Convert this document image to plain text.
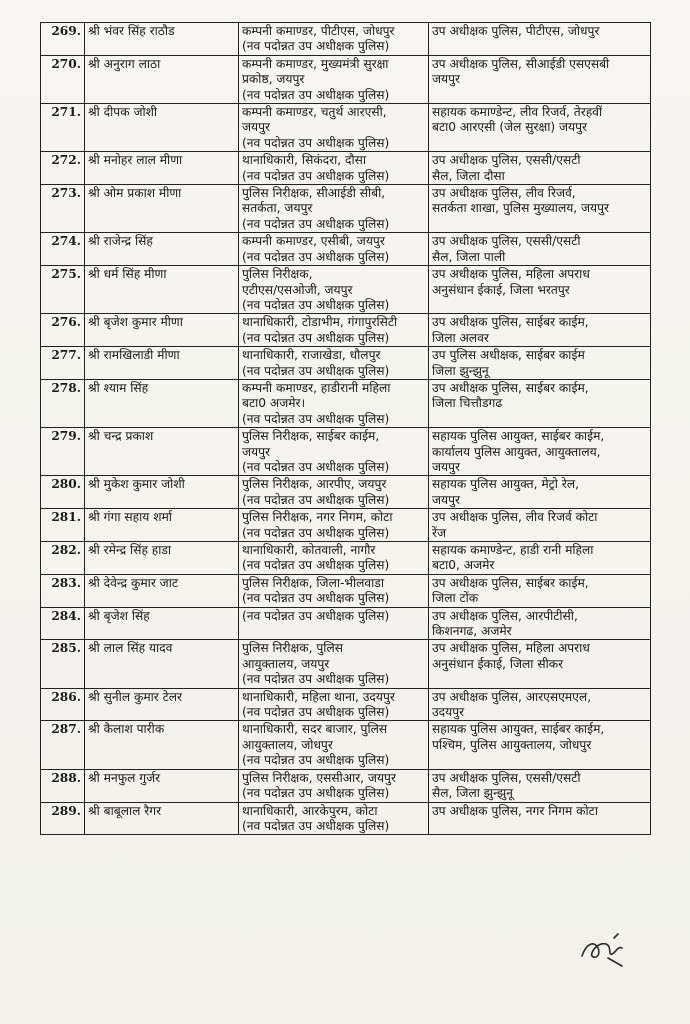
269.	श्री भंवर सिंह राठौड	कम्पनी कमाण्डर, पीटीएस, जोधपुर
(नव पदोन्नत उप अधीक्षक पुलिस)	उप अधीक्षक पुलिस, पीटीएस, जोधपुर

270.	श्री अनुराग लाठा	कम्पनी कमाण्डर, मुख्यमंत्री सुरक्षा
प्रकोष्ठ, जयपुर
(नव पदोन्नत उप अधीक्षक पुलिस)	उप अधीक्षक पुलिस, सीआईडी एसएसबी
जयपुर

271.	श्री दीपक जोशी	कम्पनी कमाण्डर, चतुर्थ आरएसी,
जयपुर
(नव पदोन्नत उप अधीक्षक पुलिस)	सहायक कमाण्डेन्ट, लीव रिजर्व, तेरहवीं
बटा0 आरएसी (जेल सुरक्षा) जयपुर

272.	श्री मनोहर लाल मीणा	थानाधिकारी, सिकंदरा, दौसा
(नव पदोन्नत उप अधीक्षक पुलिस)	उप अधीक्षक पुलिस, एससी/एसटी
सैल, जिला दौसा

273.	श्री ओम प्रकाश मीणा	पुलिस निरीक्षक, सीआईडी सीबी,
सतर्कता, जयपुर
(नव पदोन्नत उप अधीक्षक पुलिस)	उप अधीक्षक पुलिस, लीव रिजर्व,
सतर्कता शाखा, पुलिस मुख्यालय, जयपुर

274.	श्री राजेन्द्र सिंह	कम्पनी कमाण्डर, एसीबी, जयपुर
(नव पदोन्नत उप अधीक्षक पुलिस)	उप अधीक्षक पुलिस, एससी/एसटी
सैल, जिला पाली

275.	श्री धर्म सिंह मीणा	पुलिस निरीक्षक,
एटीएस/एसओजी, जयपुर
(नव पदोन्नत उप अधीक्षक पुलिस)	उप अधीक्षक पुलिस, महिला अपराध
अनुसंधान ईकाई, जिला भरतपुर

276.	श्री बृजेश कुमार मीणा	थानाधिकारी, टोडाभीम, गंगापुरसिटी
(नव पदोन्नत उप अधीक्षक पुलिस)	उप अधीक्षक पुलिस, साईबर काईम,
जिला अलवर

277.	श्री रामखिलाडी मीणा	थानाधिकारी, राजाखेडा, धौलपुर
(नव पदोन्नत उप अधीक्षक पुलिस)	उप पुलिस अधीक्षक, साईबर काईम
जिला झुन्झुनू

278.	श्री श्याम सिंह	कम्पनी कमाण्डर, हाडीरानी महिला
बटा0 अजमेर।
(नव पदोन्नत उप अधीक्षक पुलिस)	उप अधीक्षक पुलिस, साईबर काईम,
जिला चित्तौडगढ

279.	श्री चन्द्र प्रकाश	पुलिस निरीक्षक, साईबर काईम,
जयपुर
(नव पदोन्नत उप अधीक्षक पुलिस)	सहायक पुलिस आयुक्त, साईबर काईम,
कार्यालय पुलिस आयुक्त, आयुक्तालय,
जयपुर

280.	श्री मुकेश कुमार जोशी	पुलिस निरीक्षक, आरपीए, जयपुर
(नव पदोन्नत उप अधीक्षक पुलिस)	सहायक पुलिस आयुक्त, मेट्रो रेल,
जयपुर

281.	श्री गंगा सहाय शर्मा	पुलिस निरीक्षक, नगर निगम, कोटा
(नव पदोन्नत उप अधीक्षक पुलिस)	उप अधीक्षक पुलिस, लीव रिजर्व कोटा
रेंज

282.	श्री रमेन्द्र सिंह हाडा	थानाधिकारी, कोतवाली, नागौर
(नव पदोन्नत उप अधीक्षक पुलिस)	सहायक कमाण्डेन्ट, हाडी रानी महिला
बटा0, अजमेर

283.	श्री देवेन्द्र कुमार जाट	पुलिस निरीक्षक, जिला-भीलवाडा
(नव पदोन्नत उप अधीक्षक पुलिस)	उप अधीक्षक पुलिस, साईबर काईम,
जिला टोंक

284.	श्री बृजेश सिंह	(नव पदोन्नत उप अधीक्षक पुलिस)	उप अधीक्षक पुलिस, आरपीटीसी,
किशनगढ, अजमेर

285.	श्री लाल सिंह यादव	पुलिस निरीक्षक, पुलिस
आयुक्तालय, जयपुर
(नव पदोन्नत उप अधीक्षक पुलिस)	उप अधीक्षक पुलिस, महिला अपराध
अनुसंधान ईकाई, जिला सीकर

286.	श्री सुनील कुमार टेलर	थानाधिकारी, महिला थाना, उदयपुर
(नव पदोन्नत उप अधीक्षक पुलिस)	उप अधीक्षक पुलिस, आरएसएमएल,
उदयपुर

287.	श्री कैलाश पारीक	थानाधिकारी, सदर बाजार, पुलिस
आयुक्तालय, जोधपुर
(नव पदोन्नत उप अधीक्षक पुलिस)	सहायक पुलिस आयुक्त, साईबर काईम,
पश्चिम, पुलिस आयुक्तालय, जोधपुर

288.	श्री मनफुल गुर्जर	पुलिस निरीक्षक, एससीआर, जयपुर
(नव पदोन्नत उप अधीक्षक पुलिस)	उप अधीक्षक पुलिस, एससी/एसटी
सैल, जिला झुन्झुनू

289.	श्री बाबूलाल रैगर	थानाधिकारी, आरकेपुरम, कोटा
(नव पदोन्नत उप अधीक्षक पुलिस)	उप अधीक्षक पुलिस, नगर निगम कोटा
